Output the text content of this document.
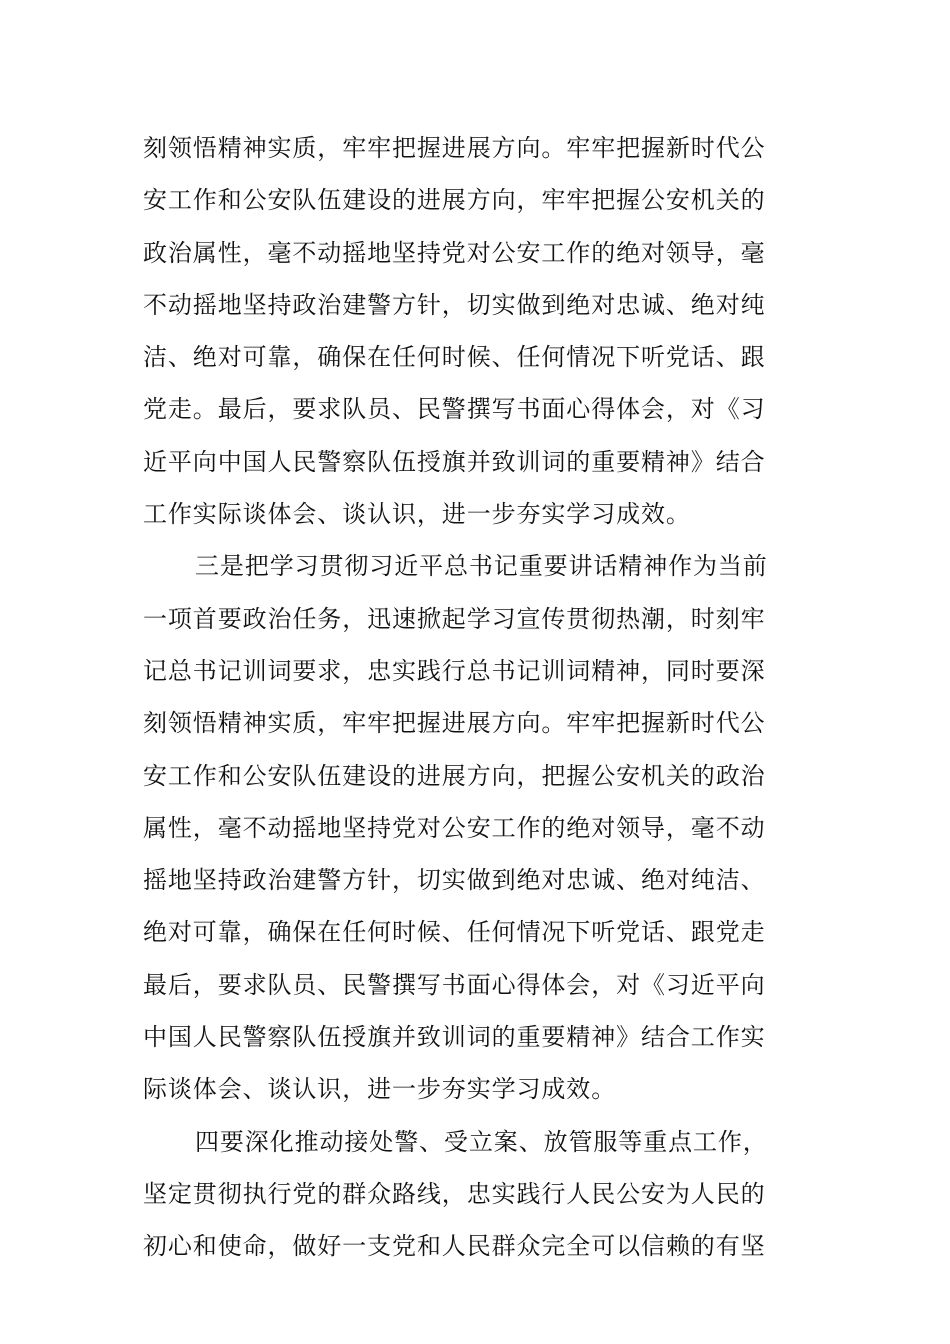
刻领悟精神实质，牢牢把握进展方向。牢牢把握新时代公
安工作和公安队伍建设的进展方向，牢牢把握公安机关的
政治属性，毫不动摇地坚持党对公安工作的绝对领导，毫
不动摇地坚持政治建警方针，切实做到绝对忠诚、绝对纯
洁、绝对可靠，确保在任何时候、任何情况下听党话、跟
党走。最后，要求队员、民警撰写书面心得体会，对《习
近平向中国人民警察队伍授旗并致训词的重要精神》结合
工作实际谈体会、谈认识，进一步夯实学习成效。
三是把学习贯彻习近平总书记重要讲话精神作为当前
一项首要政治任务，迅速掀起学习宣传贯彻热潮，时刻牢
记总书记训词要求，忠实践行总书记训词精神，同时要深
刻领悟精神实质，牢牢把握进展方向。牢牢把握新时代公
安工作和公安队伍建设的进展方向，把握公安机关的政治
属性，毫不动摇地坚持党对公安工作的绝对领导，毫不动
摇地坚持政治建警方针，切实做到绝对忠诚、绝对纯洁、
绝对可靠，确保在任何时候、任何情况下听党话、跟党走
最后，要求队员、民警撰写书面心得体会，对《习近平向
中国人民警察队伍授旗并致训词的重要精神》结合工作实
际谈体会、谈认识，进一步夯实学习成效。
四要深化推动接处警、受立案、放管服等重点工作，
坚定贯彻执行党的群众路线，忠实践行人民公安为人民的
初心和使命，做好一支党和人民群众完全可以信赖的有坚
